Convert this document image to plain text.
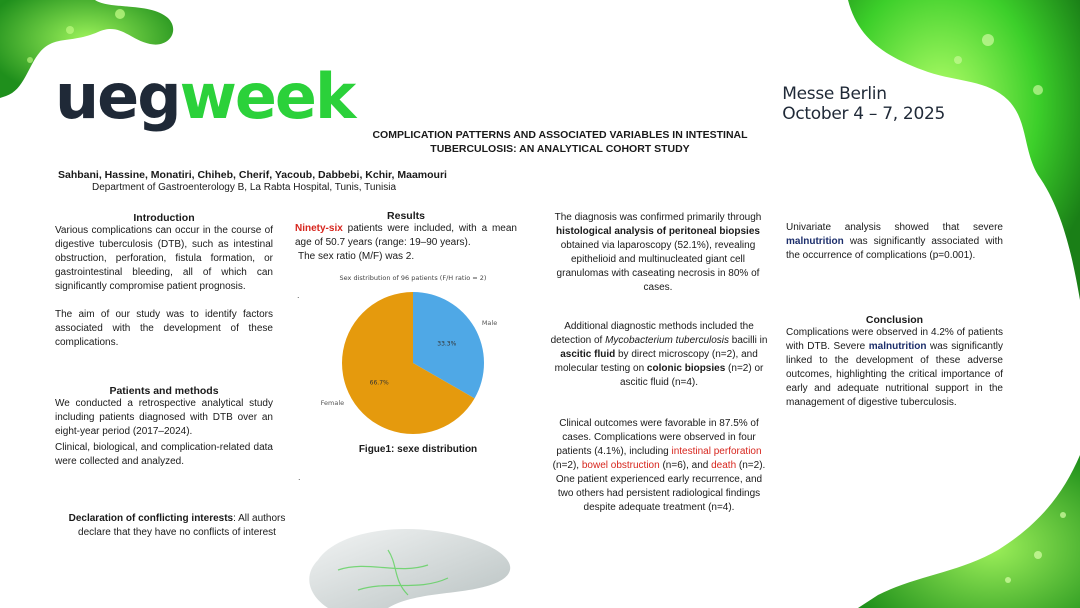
uegweek	Messe Berlin
October 4 – 7, 2025
COMPLICATION PATTERNS AND ASSOCIATED VARIABLES IN INTESTINAL
TUBERCULOSIS: AN ANALYTICAL COHORT STUDY
Sahbani, Hassine, Monatiri, Chiheb, Cherif, Yacoub, Dabbebi, Kchir, Maamouri
Department of Gastroenterology B, La Rabta Hospital, Tunis, Tunisia
Introduction
Various complications can occur in the course of digestive tuberculosis (DTB), such as intestinal obstruction, perforation, fistula formation, or gastrointestinal bleeding, all of which can significantly compromise patient prognosis.
The aim of our study was to identify factors associated with the development of these complications.
Patients and methods
We conducted a retrospective analytical study including patients diagnosed with DTB over an eight-year period (2017–2024).
Clinical, biological, and complication-related data were collected and analyzed.
Declaration of conflicting interests: All authors declare that they have no conflicts of interest
Results
Ninety-six patients were included, with a mean age of 50.7 years (range: 19–90 years).
The sex ratio (M/F) was 2.
.
.
Sex distribution of 96 patients (F/H ratio = 2)
33.3%
Male
66.7%
Female
Figue1: sexe distribution
The diagnosis was confirmed primarily through histological analysis of peritoneal biopsies obtained via laparoscopy (52.1%), revealing epithelioid and multinucleated giant cell granulomas with caseating necrosis in 80% of cases.
Additional diagnostic methods included the detection of Mycobacterium tuberculosis bacilli in ascitic fluid by direct microscopy (n=2), and molecular testing on colonic biopsies (n=2) or ascitic fluid (n=4).
Clinical outcomes were favorable in 87.5% of cases. Complications were observed in four patients (4.1%), including intestinal perforation (n=2), bowel obstruction (n=6), and death (n=2). One patient experienced early recurrence, and two others had persistent radiological findings despite adequate treatment (n=4).
Univariate analysis showed that severe malnutrition was significantly associated with the occurrence of complications (p=0.001).
Conclusion
Complications were observed in 4.2% of patients with DTB. Severe malnutrition was significantly linked to the development of these adverse outcomes, highlighting the critical importance of early and adequate nutritional support in the management of digestive tuberculosis.
